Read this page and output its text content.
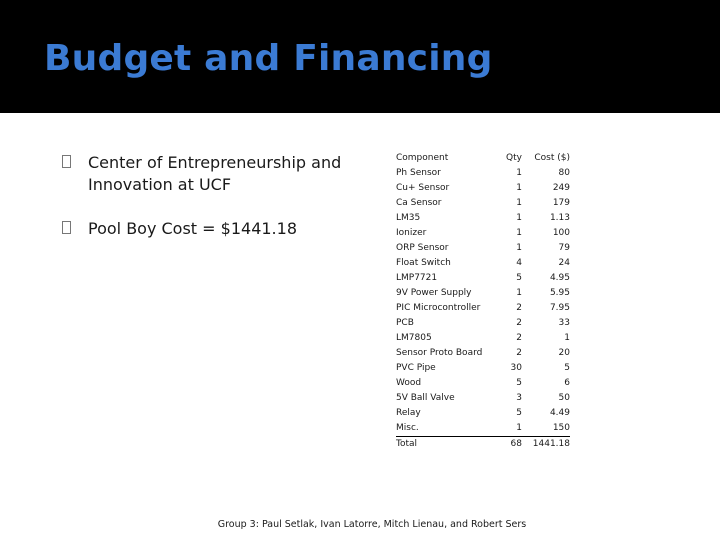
Budget and Financing
Center of Entrepreneurship and Innovation at UCF
Pool Boy Cost = $1441.18
Component	Qty	Cost ($)
Ph Sensor	1	80
Cu+ Sensor	1	249
Ca Sensor	1	179
LM35	1	1.13
Ionizer	1	100
ORP Sensor	1	79
Float Switch	4	24
LMP7721	5	4.95
9V Power Supply	1	5.95
PIC Microcontroller	2	7.95
PCB	2	33
LM7805	2	1
Sensor Proto Board	2	20
PVC Pipe	30	5
Wood	5	6
5V Ball Valve	3	50
Relay	5	4.49
Misc.	1	150
Total	68	1441.18
Group 3: Paul Setlak, Ivan Latorre, Mitch Lienau, and Robert Sers
